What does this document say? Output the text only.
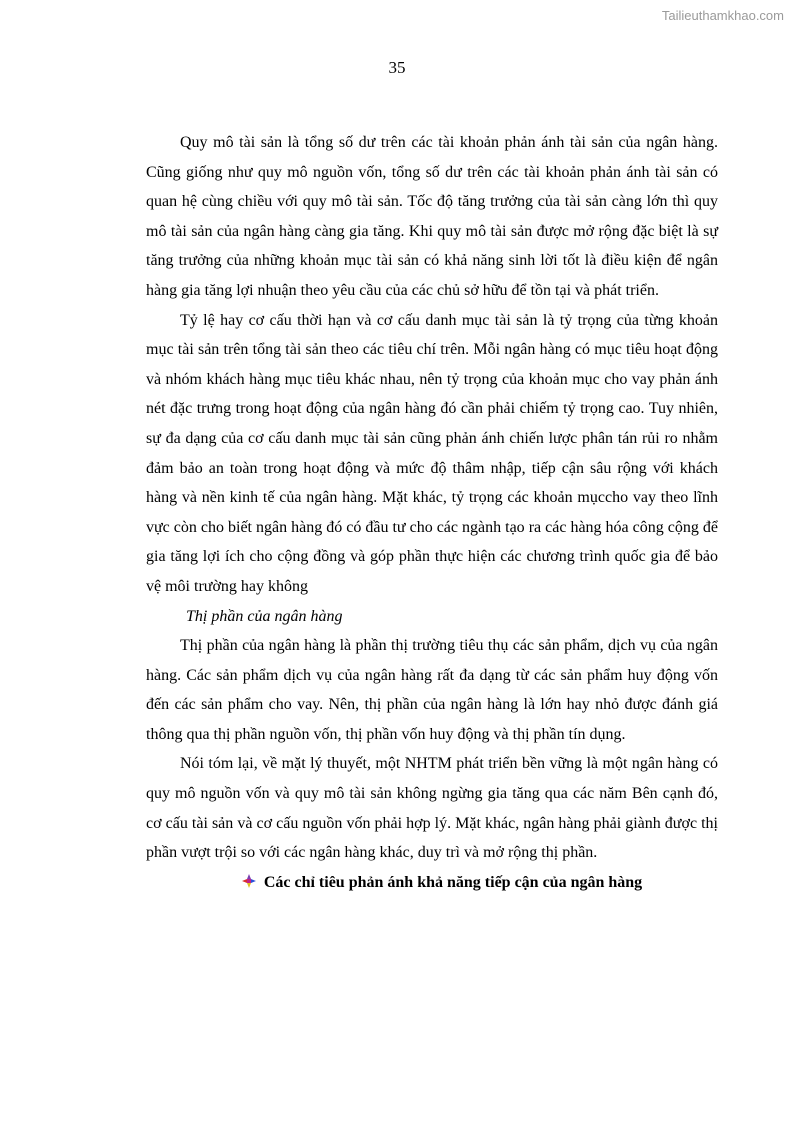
Tailieuthamkhao.com
35

Quy mô tài sản là tổng số dư trên các tài khoản phản ánh tài sản của ngân hàng. Cũng giống như quy mô nguồn vốn, tổng số dư trên các tài khoản phản ánh tài sản có quan hệ cùng chiều với quy mô tài sản. Tốc độ tăng trưởng của tài sản càng lớn thì quy mô tài sản của ngân hàng càng gia tăng. Khi quy mô tài sản được mở rộng đặc biệt là sự tăng trưởng của những khoản mục tài sản có khả năng sinh lời tốt là điều kiện để ngân hàng gia tăng lợi nhuận theo yêu cầu của các chủ sở hữu để tồn tại và phát triển.

Tỷ lệ hay cơ cấu thời hạn và cơ cấu danh mục tài sản là tỷ trọng của từng khoản mục tài sản trên tổng tài sản theo các tiêu chí trên. Mỗi ngân hàng có mục tiêu hoạt động và nhóm khách hàng mục tiêu khác nhau, nên tỷ trọng của khoản mục cho vay phản ánh nét đặc trưng trong hoạt động của ngân hàng đó cần phải chiếm tỷ trọng cao. Tuy nhiên, sự đa dạng của cơ cấu danh mục tài sản cũng phản ánh chiến lược phân tán rủi ro nhằm đảm bảo an toàn trong hoạt động và mức độ thâm nhập, tiếp cận sâu rộng với khách hàng và nền kinh tế của ngân hàng. Mặt khác, tỷ trọng các khoản mụccho vay theo lĩnh vực còn cho biết ngân hàng đó có đầu tư cho các ngành tạo ra các hàng hóa công cộng để gia tăng lợi ích cho cộng đồng và góp phần thực hiện các chương trình quốc gia để bảo vệ môi trường hay không

Thị phần của ngân hàng

Thị phần của ngân hàng là phần thị trường tiêu thụ các sản phẩm, dịch vụ của ngân hàng. Các sản phẩm dịch vụ của ngân hàng rất đa dạng từ các sản phẩm huy động vốn đến các sản phẩm cho vay. Nên, thị phần của ngân hàng là lớn hay nhỏ được đánh giá thông qua thị phần nguồn vốn, thị phần vốn huy động và thị phần tín dụng.

Nói tóm lại, về mặt lý thuyết, một NHTM phát triển bền vững là một ngân hàng có quy mô nguồn vốn và quy mô tài sản không ngừng gia tăng qua các năm Bên cạnh đó, cơ cấu tài sản và cơ cấu nguồn vốn phải hợp lý. Mặt khác, ngân hàng phải giành được thị phần vượt trội so với các ngân hàng khác, duy trì và mở rộng thị phần.

Các chỉ tiêu phản ánh khả năng tiếp cận của ngân hàng
